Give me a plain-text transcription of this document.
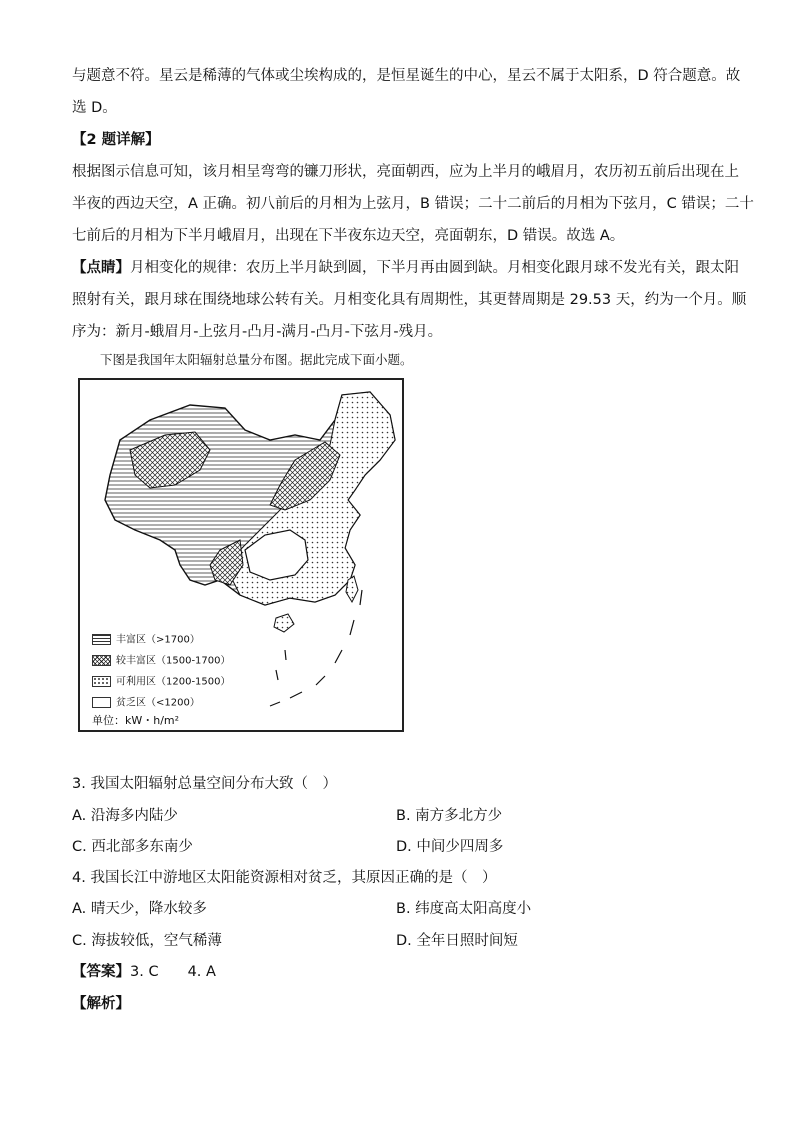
与题意不符。星云是稀薄的气体或尘埃构成的，是恒星诞生的中心，星云不属于太阳系，D 符合题意。故
选 D。
【2 题详解】
根据图示信息可知，该月相呈弯弯的镰刀形状，亮面朝西，应为上半月的峨眉月，农历初五前后出现在上
半夜的西边天空，A 正确。初八前后的月相为上弦月，B 错误；二十二前后的月相为下弦月，C 错误；二十
七前后的月相为下半月峨眉月，出现在下半夜东边天空，亮面朝东，D 错误。故选 A。
【点睛】月相变化的规律：农历上半月缺到圆，下半月再由圆到缺。月相变化跟月球不发光有关，跟太阳
照射有关，跟月球在围绕地球公转有关。月相变化具有周期性，其更替周期是 29.53 天，约为一个月。顺
序为：新月-蛾眉月-上弦月-凸月-满月-凸月-下弦月-残月。
下图是我国年太阳辐射总量分布图。据此完成下面小题。
丰富区（>1700）
较丰富区（1500-1700）
可利用区（1200-1500）
贫乏区（<1200）
单位：kW・h/m²
3. 我国太阳辐射总量空间分布大致（　）
A. 沿海多内陆少	B. 南方多北方少
C. 西北部多东南少	D. 中间少四周多
4. 我国长江中游地区太阳能资源相对贫乏，其原因正确的是（　）
A. 晴天少，降水较多	B. 纬度高太阳高度小
C. 海拔较低，空气稀薄	D. 全年日照时间短
【答案】3. C　　4. A
【解析】
